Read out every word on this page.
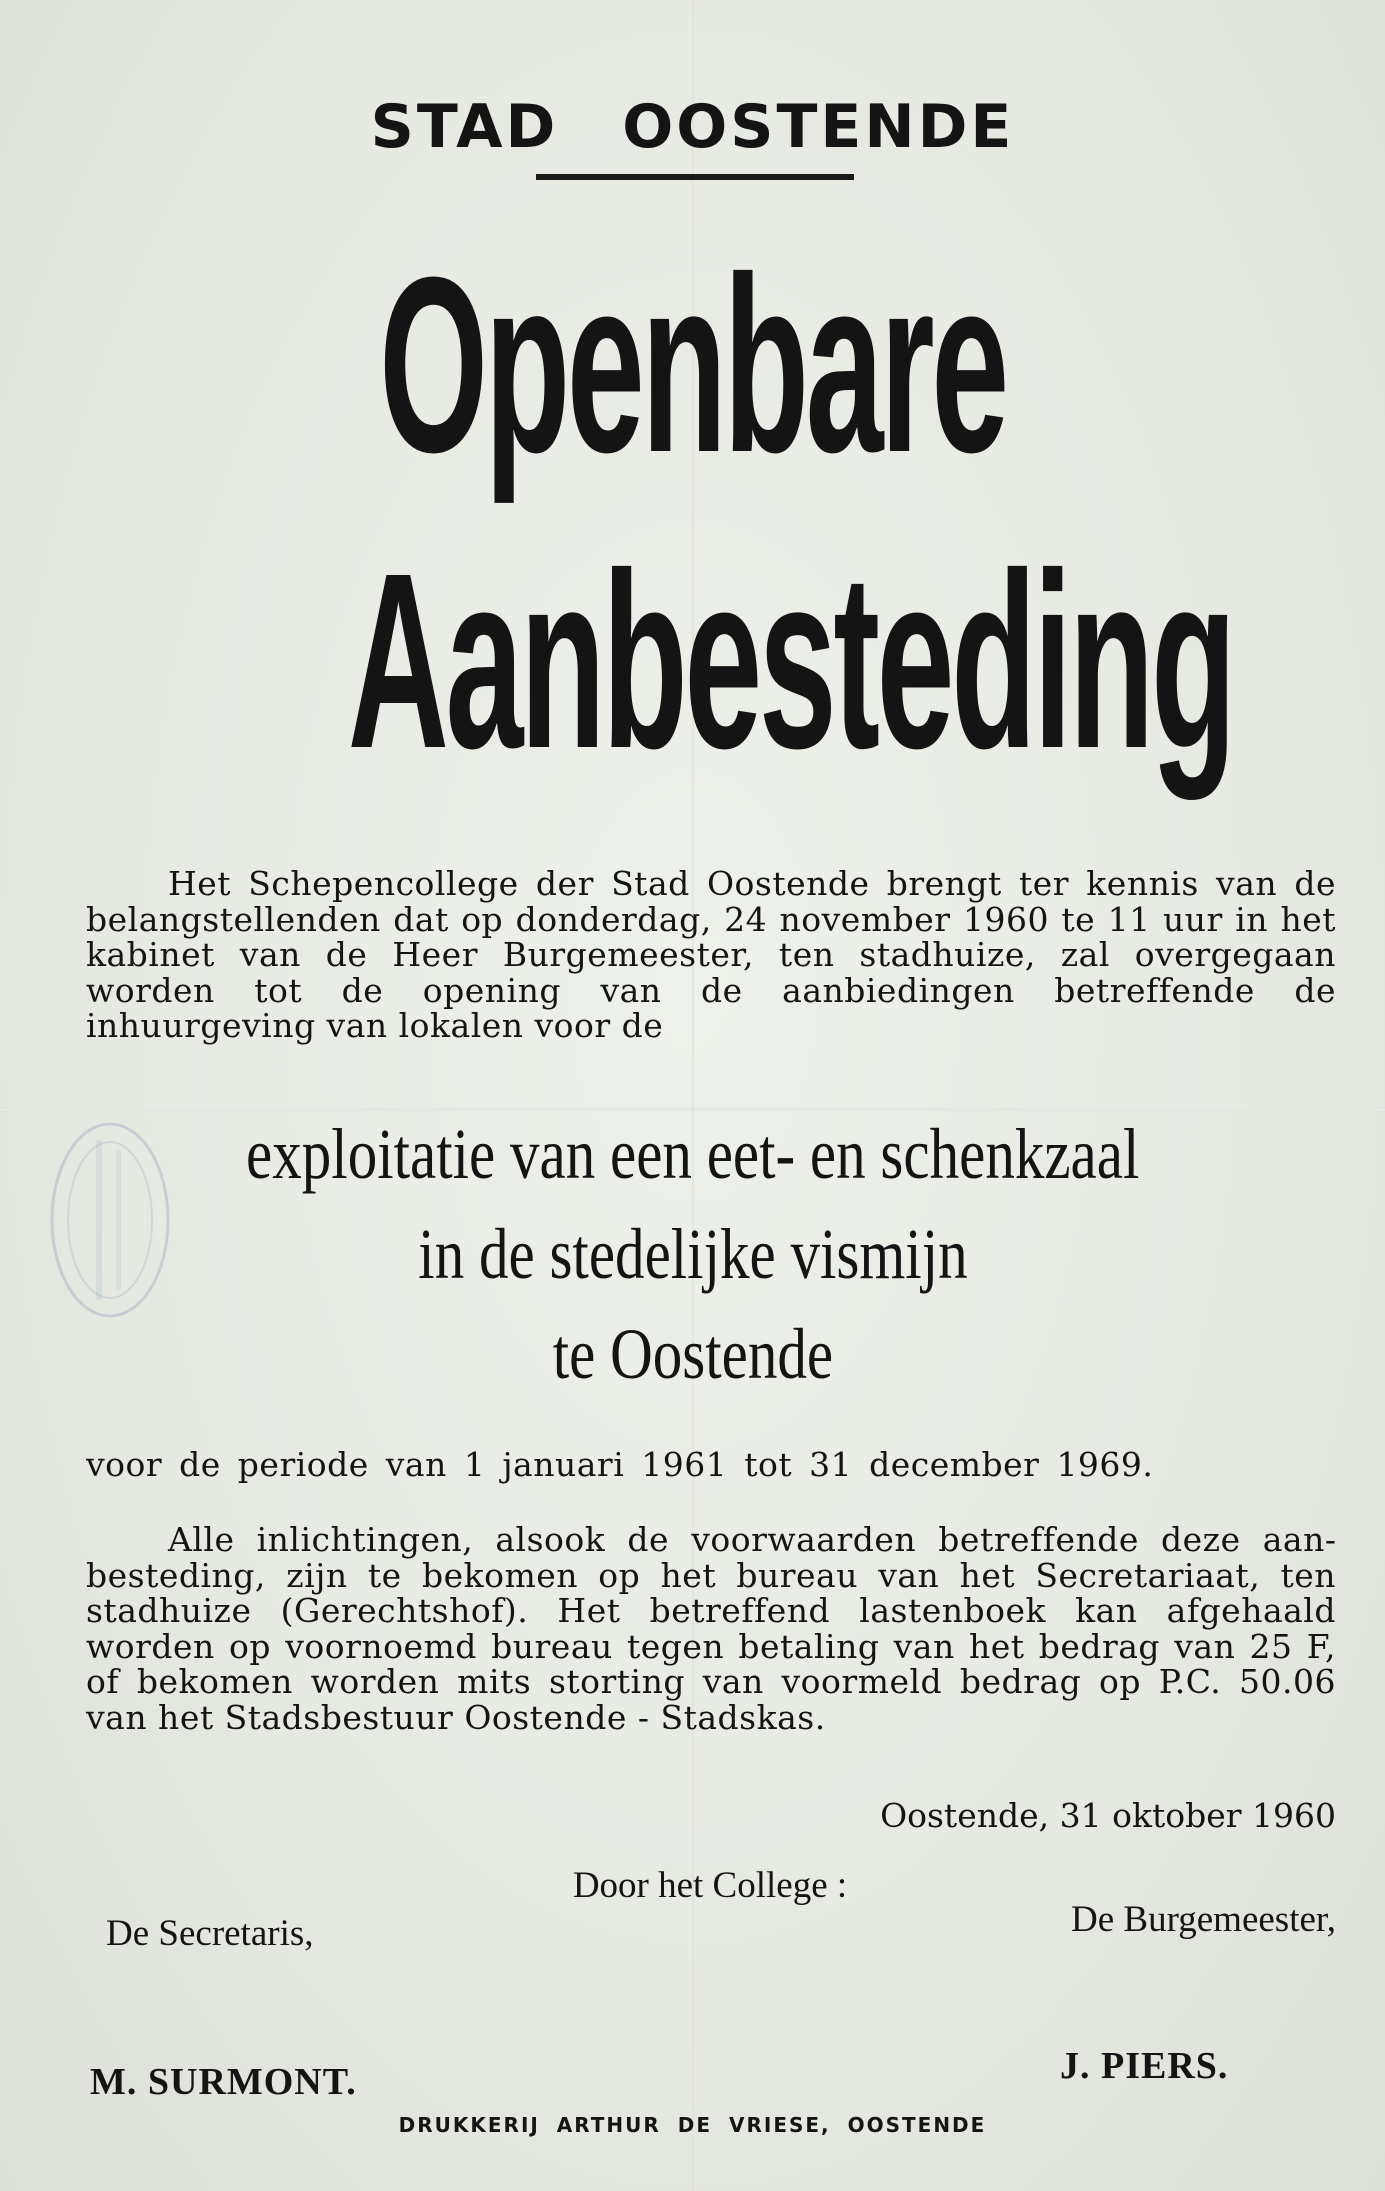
STAD OOSTENDE
Openbare
Aanbesteding
Het Schepencollege der Stad Oostende brengt ter kennis van de belangstellenden dat op donderdag, 24 november 1960 te 11 uur in het kabinet van de Heer Burgemeester, ten stadhuize, zal overgegaan worden tot de opening van de aanbiedingen betreffende de inhuurgeving van lokalen voor de
exploitatie van een eet- en schenkzaal
in de stedelijke vismijn
te Oostende
voor de periode van 1 januari 1961 tot 31 december 1969.
Alle inlichtingen, alsook de voorwaarden betreffende deze aanbesteding, zijn te bekomen op het bureau van het Secretariaat, ten stadhuize (Gerechtshof). Het betreffend lastenboek kan afgehaald worden op voornoemd bureau tegen betaling van het bedrag van 25 F, of bekomen worden mits storting van voormeld bedrag op P.C. 50.06 van het Stadsbestuur Oostende - Stadskas.
Oostende, 31 oktober 1960
Door het College :
De Secretaris,	De Burgemeester,
M. SURMONT.	J. PIERS.
DRUKKERIJ ARTHUR DE VRIESE, OOSTENDE
